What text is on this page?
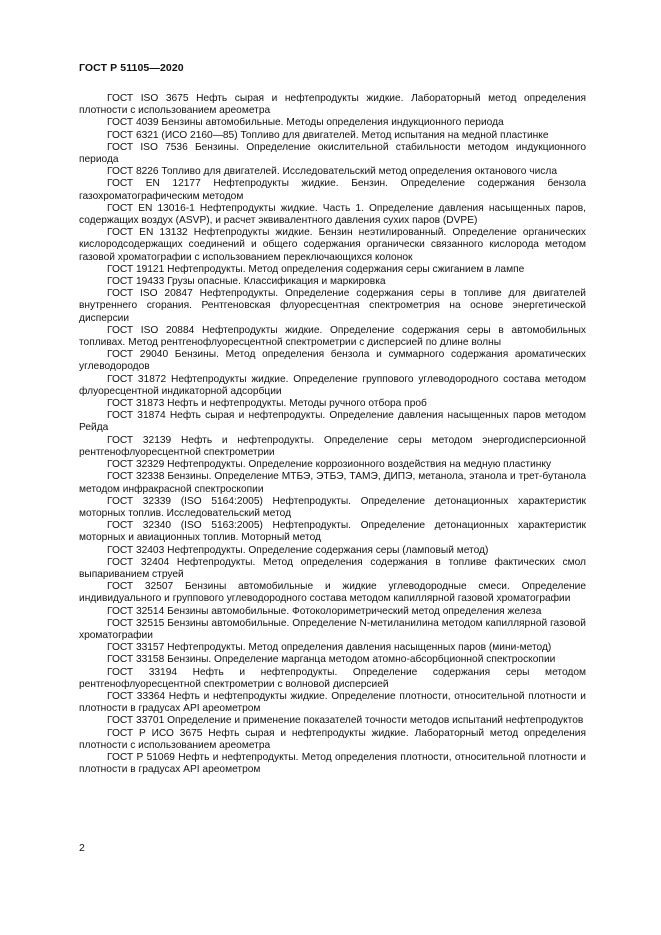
ГОСТ Р 51105—2020

ГОСТ ISO 3675 Нефть сырая и нефтепродукты жидкие. Лабораторный метод определения плотности с использованием ареометра

ГОСТ 4039 Бензины автомобильные. Методы определения индукционного периода

ГОСТ 6321 (ИСО 2160—85) Топливо для двигателей. Метод испытания на медной пластинке

ГОСТ ISO 7536 Бензины. Определение окислительной стабильности методом индукционного периода

ГОСТ 8226 Топливо для двигателей. Исследовательский метод определения октанового числа

ГОСТ EN 12177 Нефтепродукты жидкие. Бензин. Определение содержания бензола газохроматографическим методом

ГОСТ EN 13016-1 Нефтепродукты жидкие. Часть 1. Определение давления насыщенных паров, содержащих воздух (ASVP), и расчет эквивалентного давления сухих паров (DVPE)

ГОСТ EN 13132 Нефтепродукты жидкие. Бензин неэтилированный. Определение органических кислородсодержащих соединений и общего содержания органически связанного кислорода методом газовой хроматографии с использованием переключающихся колонок

ГОСТ 19121 Нефтепродукты. Метод определения содержания серы сжиганием в лампе

ГОСТ 19433 Грузы опасные. Классификация и маркировка

ГОСТ ISO 20847 Нефтепродукты. Определение содержания серы в топливе для двигателей внутреннего сгорания. Рентгеновская флуоресцентная спектрометрия на основе энергетической дисперсии

ГОСТ ISO 20884 Нефтепродукты жидкие. Определение содержания серы в автомобильных топливах. Метод рентгенофлуоресцентной спектрометрии с дисперсией по длине волны

ГОСТ 29040 Бензины. Метод определения бензола и суммарного содержания ароматических углеводородов

ГОСТ 31872 Нефтепродукты жидкие. Определение группового углеводородного состава методом флуоресцентной индикаторной адсорбции

ГОСТ 31873 Нефть и нефтепродукты. Методы ручного отбора проб

ГОСТ 31874 Нефть сырая и нефтепродукты. Определение давления насыщенных паров методом Рейда

ГОСТ 32139 Нефть и нефтепродукты. Определение серы методом энергодисперсионной рентгенофлуоресцентной спектрометрии

ГОСТ 32329 Нефтепродукты. Определение коррозионного воздействия на медную пластинку

ГОСТ 32338 Бензины. Определение МТБЭ, ЭТБЭ, ТАМЭ, ДИПЭ, метанола, этанола и трет-бутанола методом инфракрасной спектроскопии

ГОСТ 32339 (ISO 5164:2005) Нефтепродукты. Определение детонационных характеристик моторных топлив. Исследовательский метод

ГОСТ 32340 (ISO 5163:2005) Нефтепродукты. Определение детонационных характеристик моторных и авиационных топлив. Моторный метод

ГОСТ 32403 Нефтепродукты. Определение содержания серы (ламповый метод)

ГОСТ 32404 Нефтепродукты. Метод определения содержания в топливе фактических смол выпариванием струей

ГОСТ 32507 Бензины автомобильные и жидкие углеводородные смеси. Определение индивидуального и группового углеводородного состава методом капиллярной газовой хроматографии

ГОСТ 32514 Бензины автомобильные. Фотоколориметрический метод определения железа

ГОСТ 32515 Бензины автомобильные. Определение N-метиланилина методом капиллярной газовой хроматографии

ГОСТ 33157 Нефтепродукты. Метод определения давления насыщенных паров (мини-метод)

ГОСТ 33158 Бензины. Определение марганца методом атомно-абсорбционной спектроскопии

ГОСТ 33194 Нефть и нефтепродукты. Определение содержания серы методом рентгенофлуоресцентной спектрометрии с волновой дисперсией

ГОСТ 33364 Нефть и нефтепродукты жидкие. Определение плотности, относительной плотности и плотности в градусах API ареометром

ГОСТ 33701 Определение и применение показателей точности методов испытаний нефтепродуктов

ГОСТ Р ИСО 3675 Нефть сырая и нефтепродукты жидкие. Лабораторный метод определения плотности с использованием ареометра

ГОСТ Р 51069 Нефть и нефтепродукты. Метод определения плотности, относительной плотности и плотности в градусах API ареометром

2
